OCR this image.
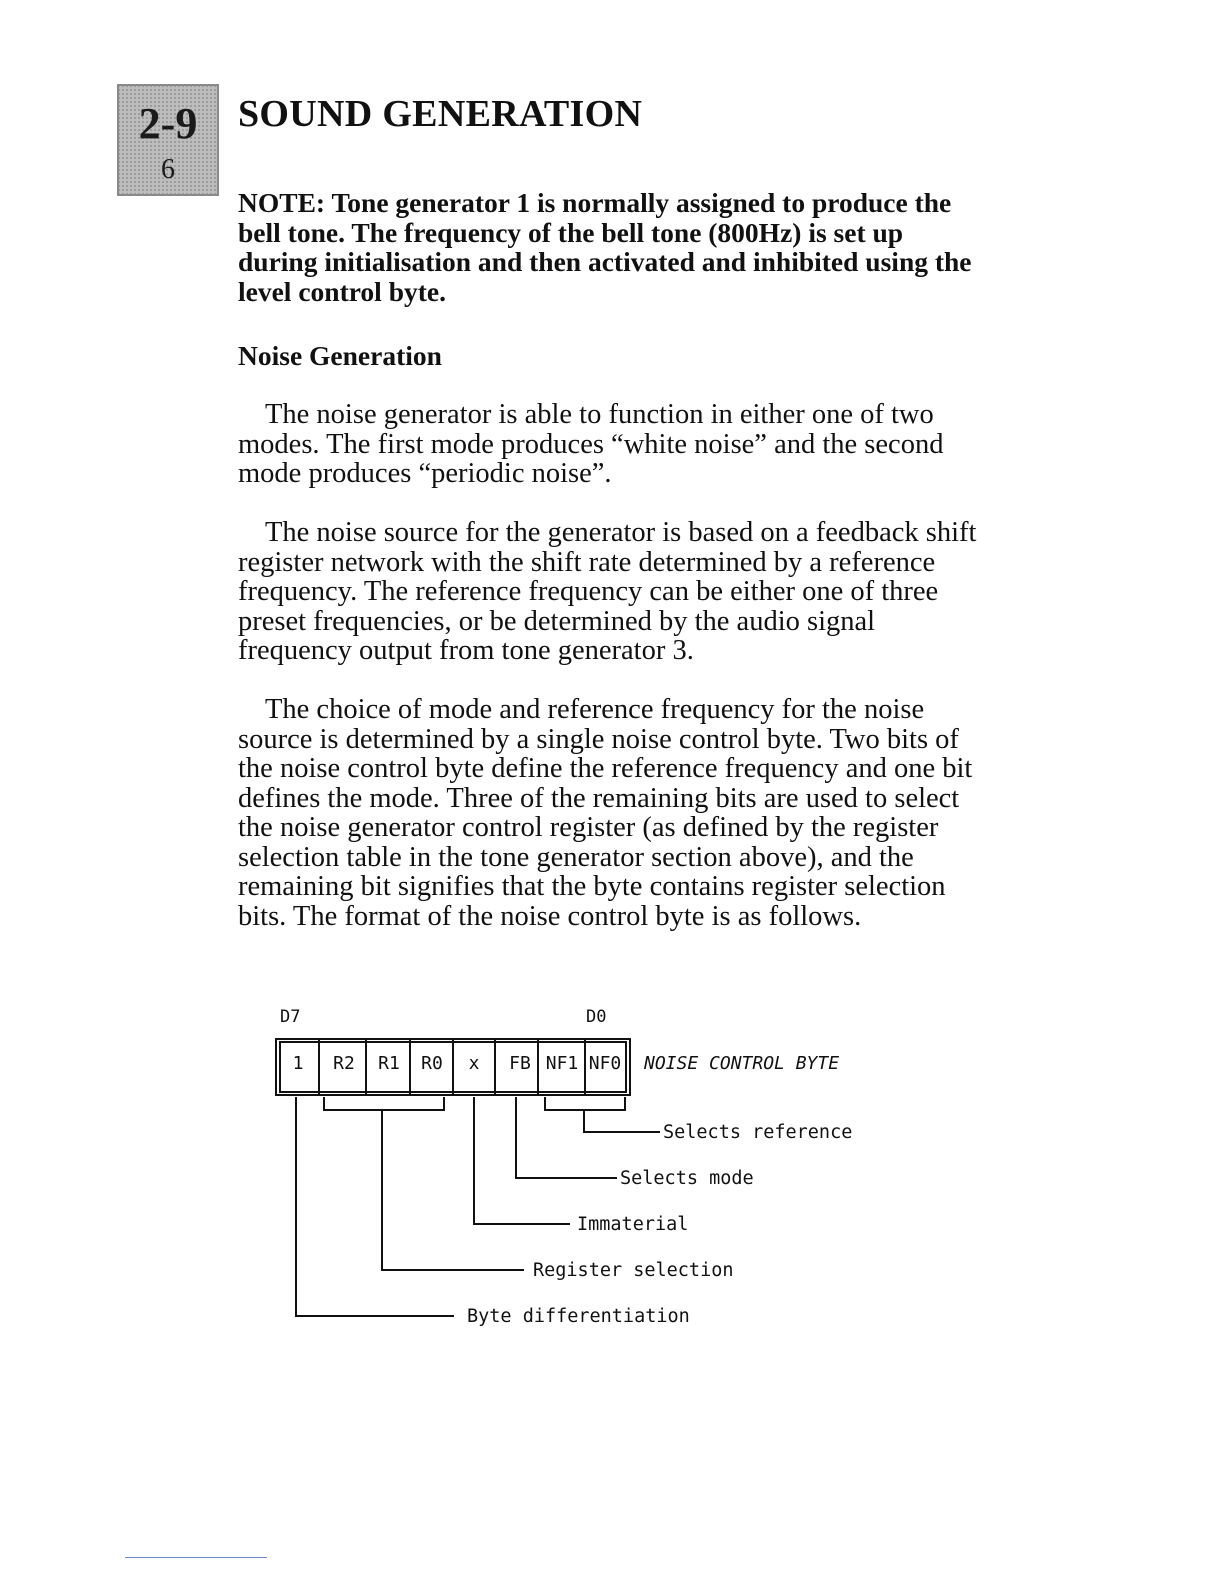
2-9
6
SOUND GENERATION

NOTE: Tone generator 1 is normally assigned to produce the bell tone. The frequency of the bell tone (800Hz) is set up during initialisation and then activated and inhibited using the level control byte.

Noise Generation

The noise generator is able to function in either one of two modes. The first mode produces “white noise” and the second mode produces “periodic noise”.

The noise source for the generator is based on a feedback shift register network with the shift rate determined by a reference frequency. The reference frequency can be either one of three preset frequencies, or be determined by the audio signal frequency output from tone generator 3.

The choice of mode and reference frequency for the noise source is determined by a single noise control byte. Two bits of the noise control byte define the reference frequency and one bit defines the mode. Three of the remaining bits are used to select the noise generator control register (as defined by the register selection table in the tone generator section above), and the remaining bit signifies that the byte contains register selection bits. The format of the noise control byte is as follows.

D7	D0
1 R2 R1 R0 x FB NF1 NF0 NOISE CONTROL BYTE
Selects reference
Selects mode
Immaterial
Register selection
Byte differentiation
